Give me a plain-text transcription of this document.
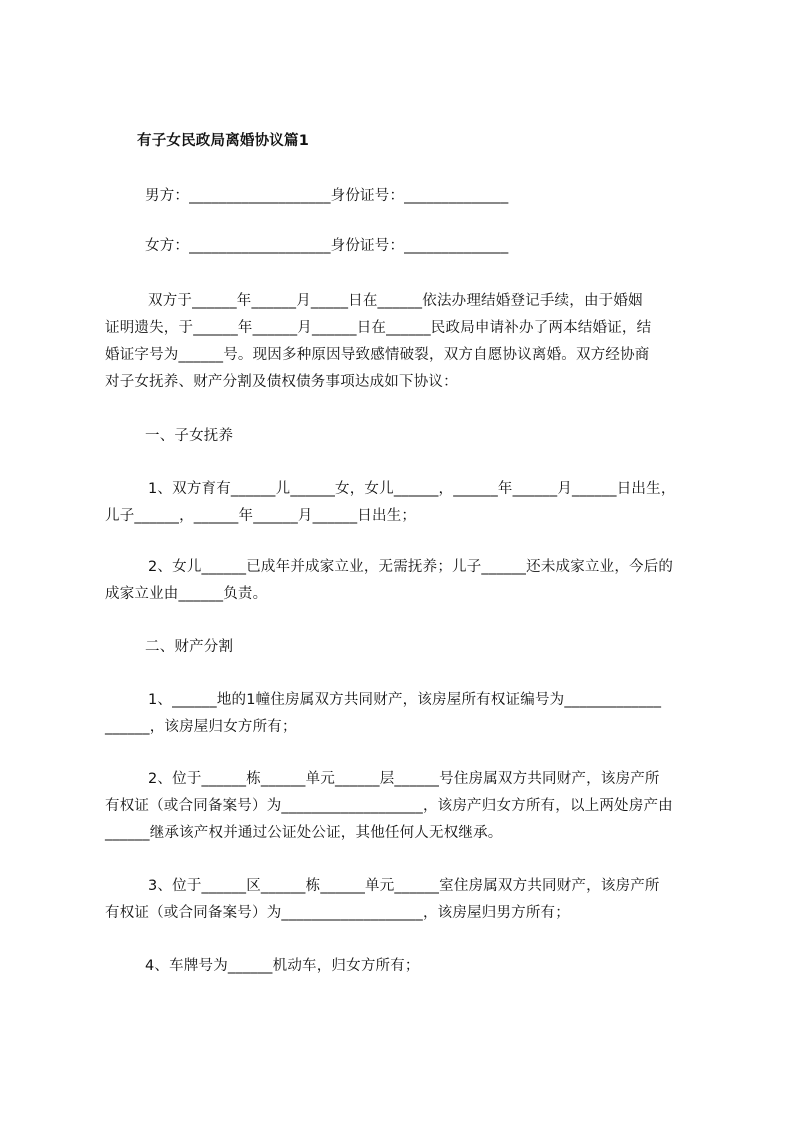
有子女民政局离婚协议篇1
男方：___________________身份证号：______________
女方：___________________身份证号：______________
双方于______年______月_____日在______依法办理结婚登记手续，由于婚姻
证明遗失，于______年______月______日在______民政局申请补办了两本结婚证，结
婚证字号为______号。现因多种原因导致感情破裂，双方自愿协议离婚。双方经协商
对子女抚养、财产分割及债权债务事项达成如下协议：
一、子女抚养
1、双方育有______儿______女，女儿______，______年______月______日出生，
儿子______，______年______月______日出生；
2、女儿______已成年并成家立业，无需抚养；儿子______还未成家立业，今后的
成家立业由______负责。
二、财产分割
1、______地的1幢住房属双方共同财产，该房屋所有权证编号为_____________
______，该房屋归女方所有；
2、位于______栋______单元______层______号住房属双方共同财产，该房产所
有权证（或合同备案号）为___________________，该房产归女方所有，以上两处房产由
______继承该产权并通过公证处公证，其他任何人无权继承。
3、位于______区______栋______单元______室住房属双方共同财产，该房产所
有权证（或合同备案号）为___________________，该房屋归男方所有；
4、车牌号为______机动车，归女方所有；
